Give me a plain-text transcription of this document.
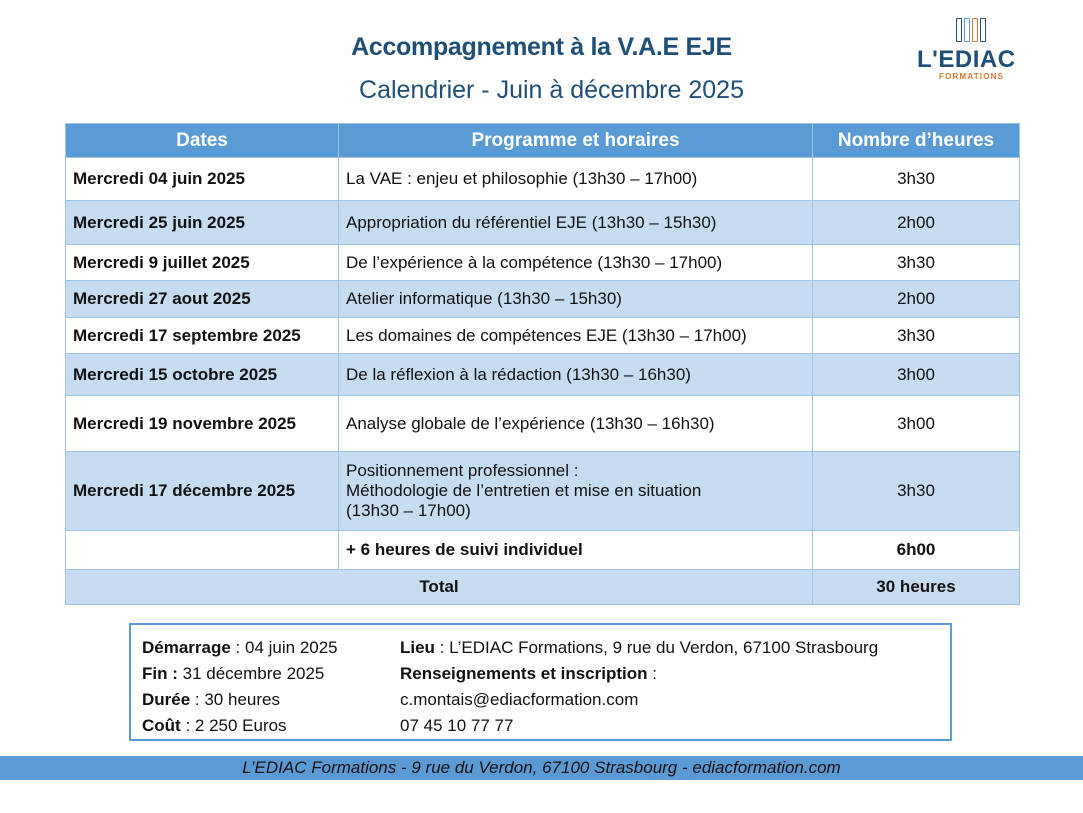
Accompagnement à la V.A.E EJE
Calendrier - Juin à décembre 2025
L'EDIAC
FORMATIONS
Dates	Programme et horaires	Nombre d’heures
Mercredi 04 juin 2025	La VAE : enjeu et philosophie (13h30 – 17h00)	3h30
Mercredi 25 juin 2025	Appropriation du référentiel EJE (13h30 – 15h30)	2h00
Mercredi 9 juillet 2025	De l’expérience à la compétence (13h30 – 17h00)	3h30
Mercredi 27 aout 2025	Atelier informatique (13h30 – 15h30)	2h00
Mercredi 17 septembre 2025	Les domaines de compétences EJE (13h30 – 17h00)	3h30
Mercredi 15 octobre 2025	De la réflexion à la rédaction (13h30 – 16h30)	3h00
Mercredi 19 novembre 2025	Analyse globale de l’expérience (13h30 – 16h30)	3h00
Mercredi 17 décembre 2025	Positionnement professionnel :
Méthodologie de l’entretien et mise en situation
(13h30 – 17h00)	3h30
	+ 6 heures de suivi individuel	6h00
Total		30 heures
Démarrage : 04 juin 2025
Fin : 31 décembre 2025
Durée : 30 heures
Coût : 2 250 Euros
Lieu : L’EDIAC Formations, 9 rue du Verdon, 67100 Strasbourg
Renseignements et inscription :
c.montais@ediacformation.com
07 45 10 77 77
L’EDIAC Formations - 9 rue du Verdon, 67100 Strasbourg - ediacformation.com
